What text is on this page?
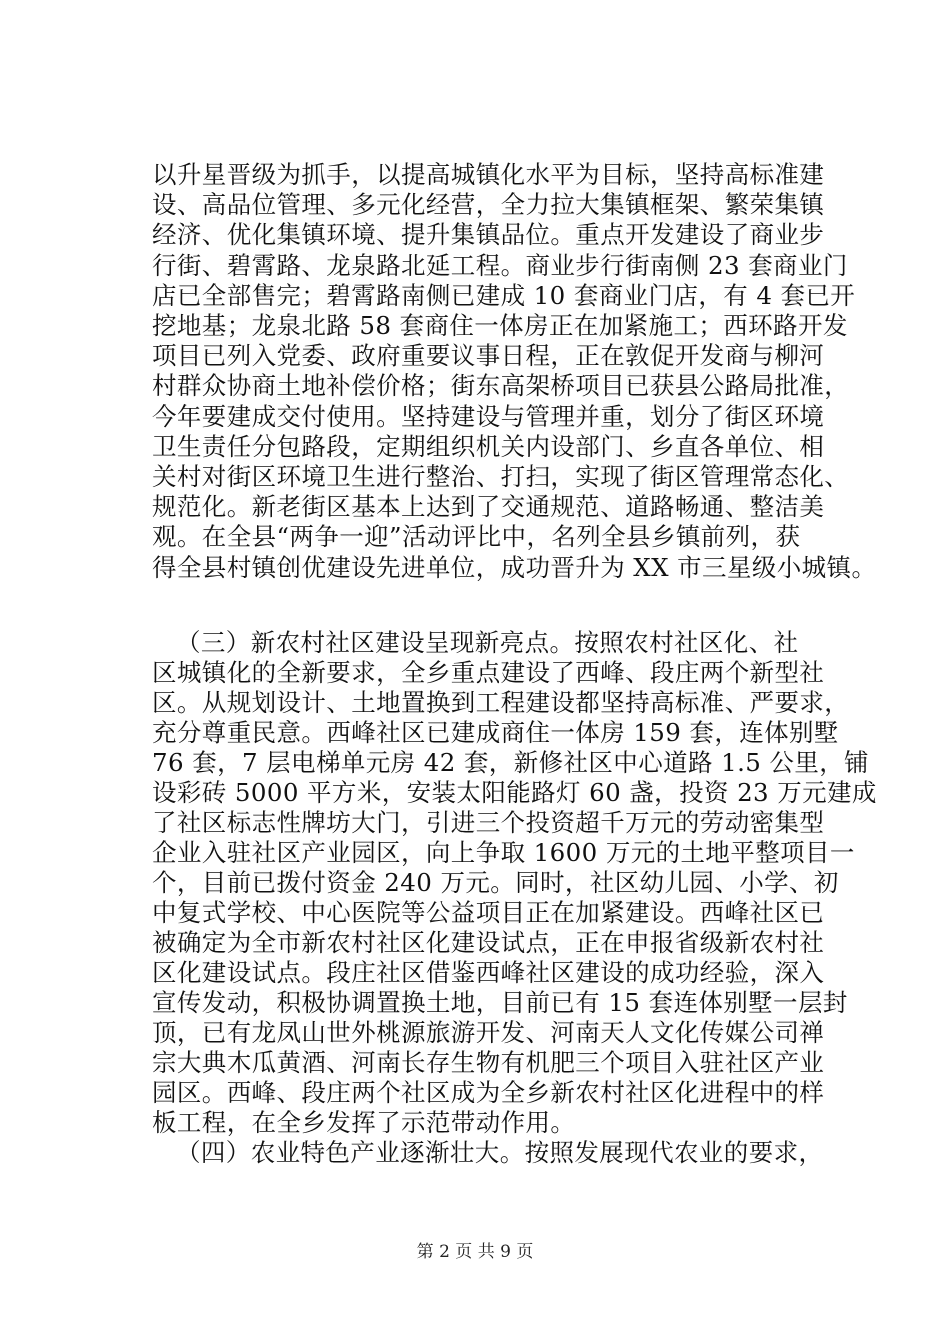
以升星晋级为抓手，以提高城镇化水平为目标，坚持高标准建
设、高品位管理、多元化经营，全力拉大集镇框架、繁荣集镇
经济、优化集镇环境、提升集镇品位。重点开发建设了商业步
行街、碧霄路、龙泉路北延工程。商业步行街南侧 23 套商业门
店已全部售完；碧霄路南侧已建成 10 套商业门店，有 4 套已开
挖地基；龙泉北路 58 套商住一体房正在加紧施工；西环路开发
项目已列入党委、政府重要议事日程，正在敦促开发商与柳河
村群众协商土地补偿价格；街东高架桥项目已获县公路局批准，
今年要建成交付使用。坚持建设与管理并重，划分了街区环境
卫生责任分包路段，定期组织机关内设部门、乡直各单位、相
关村对街区环境卫生进行整治、打扫，实现了街区管理常态化、
规范化。新老街区基本上达到了交通规范、道路畅通、整洁美
观。在全县“两争一迎”活动评比中，名列全县乡镇前列，获
得全县村镇创优建设先进单位，成功晋升为 XX 市三星级小城镇。
（三）新农村社区建设呈现新亮点。按照农村社区化、社
区城镇化的全新要求，全乡重点建设了西峰、段庄两个新型社
区。从规划设计、土地置换到工程建设都坚持高标准、严要求，
充分尊重民意。西峰社区已建成商住一体房 159 套，连体别墅
76 套，7 层电梯单元房 42 套，新修社区中心道路 1.5 公里，铺
设彩砖 5000 平方米，安装太阳能路灯 60 盏，投资 23 万元建成
了社区标志性牌坊大门，引进三个投资超千万元的劳动密集型
企业入驻社区产业园区，向上争取 1600 万元的土地平整项目一
个，目前已拨付资金 240 万元。同时，社区幼儿园、小学、初
中复式学校、中心医院等公益项目正在加紧建设。西峰社区已
被确定为全市新农村社区化建设试点，正在申报省级新农村社
区化建设试点。段庄社区借鉴西峰社区建设的成功经验，深入
宣传发动，积极协调置换土地，目前已有 15 套连体别墅一层封
顶，已有龙凤山世外桃源旅游开发、河南天人文化传媒公司禅
宗大典木瓜黄酒、河南长存生物有机肥三个项目入驻社区产业
园区。西峰、段庄两个社区成为全乡新农村社区化进程中的样
板工程，在全乡发挥了示范带动作用。
（四）农业特色产业逐渐壮大。按照发展现代农业的要求，
第 2 页 共 9 页
